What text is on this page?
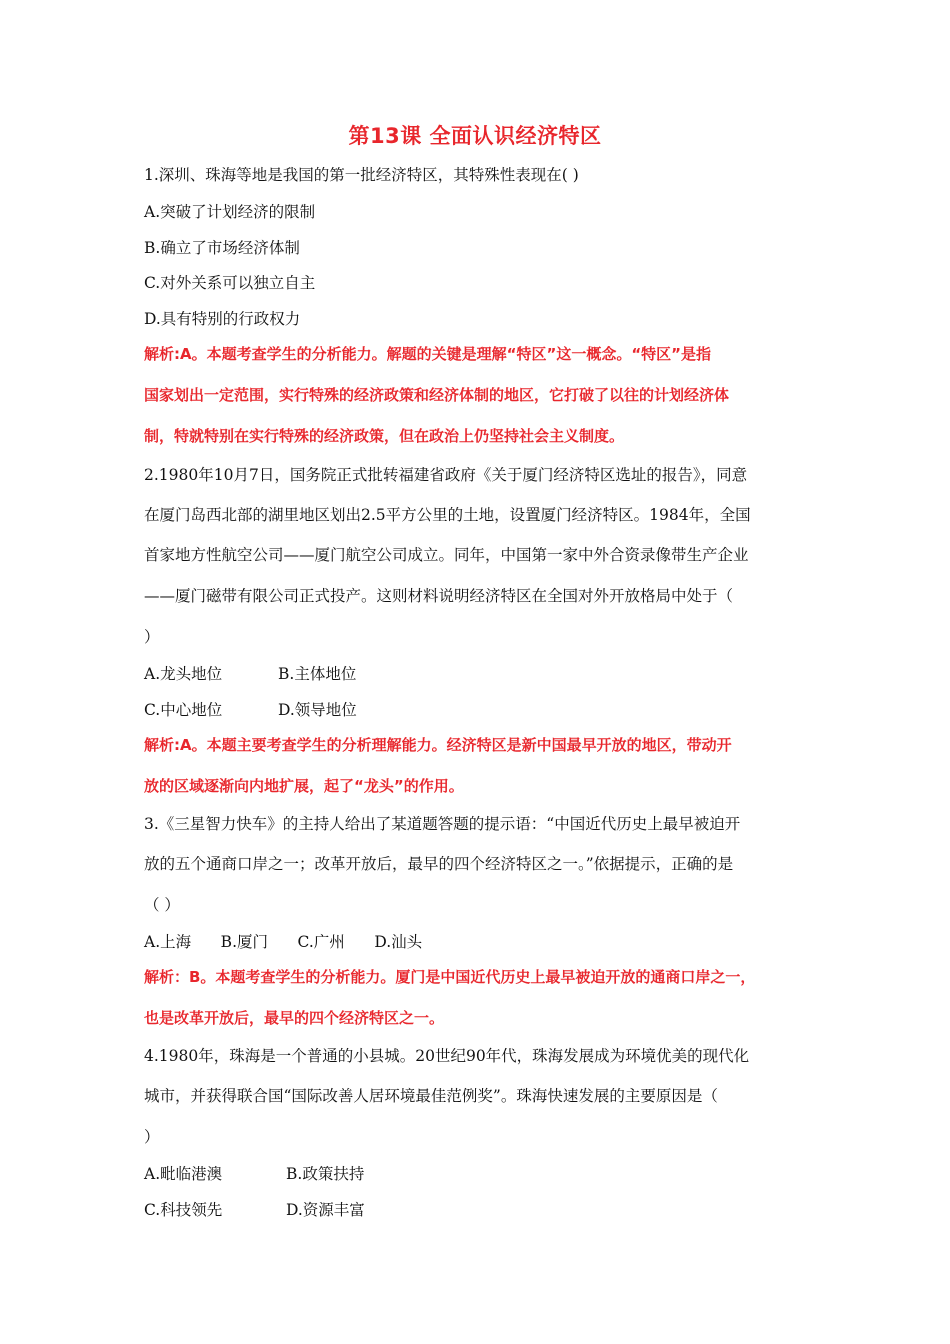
第13课 全面认识经济特区
1.深圳、珠海等地是我国的第一批经济特区，其特殊性表现在( )
A.突破了计划经济的限制
B.确立了市场经济体制
C.对外关系可以独立自主
D.具有特别的行政权力
解析:A。本题考查学生的分析能力。解题的关键是理解“特区”这一概念。“特区”是指
国家划出一定范围，实行特殊的经济政策和经济体制的地区，它打破了以往的计划经济体
制，特就特别在实行特殊的经济政策，但在政治上仍坚持社会主义制度。
2.1980年10月7日，国务院正式批转福建省政府《关于厦门经济特区选址的报告》，同意
在厦门岛西北部的湖里地区划出2.5平方公里的土地，设置厦门经济特区。1984年，全国
首家地方性航空公司——厦门航空公司成立。同年，中国第一家中外合资录像带生产企业
——厦门磁带有限公司正式投产。这则材料说明经济特区在全国对外开放格局中处于（
）
A.龙头地位	B.主体地位
C.中心地位	D.领导地位
解析:A。本题主要考查学生的分析理解能力。经济特区是新中国最早开放的地区，带动开
放的区域逐渐向内地扩展，起了“龙头”的作用。
3.《三星智力快车》的主持人给出了某道题答题的提示语：“中国近代历史上最早被迫开
放的五个通商口岸之一；改革开放后，最早的四个经济特区之一。”依据提示，正确的是
（ ）
A.上海      B.厦门      C.广州      D.汕头
解析：B。本题考查学生的分析能力。厦门是中国近代历史上最早被迫开放的通商口岸之一，
也是改革开放后，最早的四个经济特区之一。
4.1980年，珠海是一个普通的小县城。20世纪90年代，珠海发展成为环境优美的现代化
城市，并获得联合国“国际改善人居环境最佳范例奖”。珠海快速发展的主要原因是（
）
A.毗临港澳	B.政策扶持
C.科技领先	D.资源丰富
